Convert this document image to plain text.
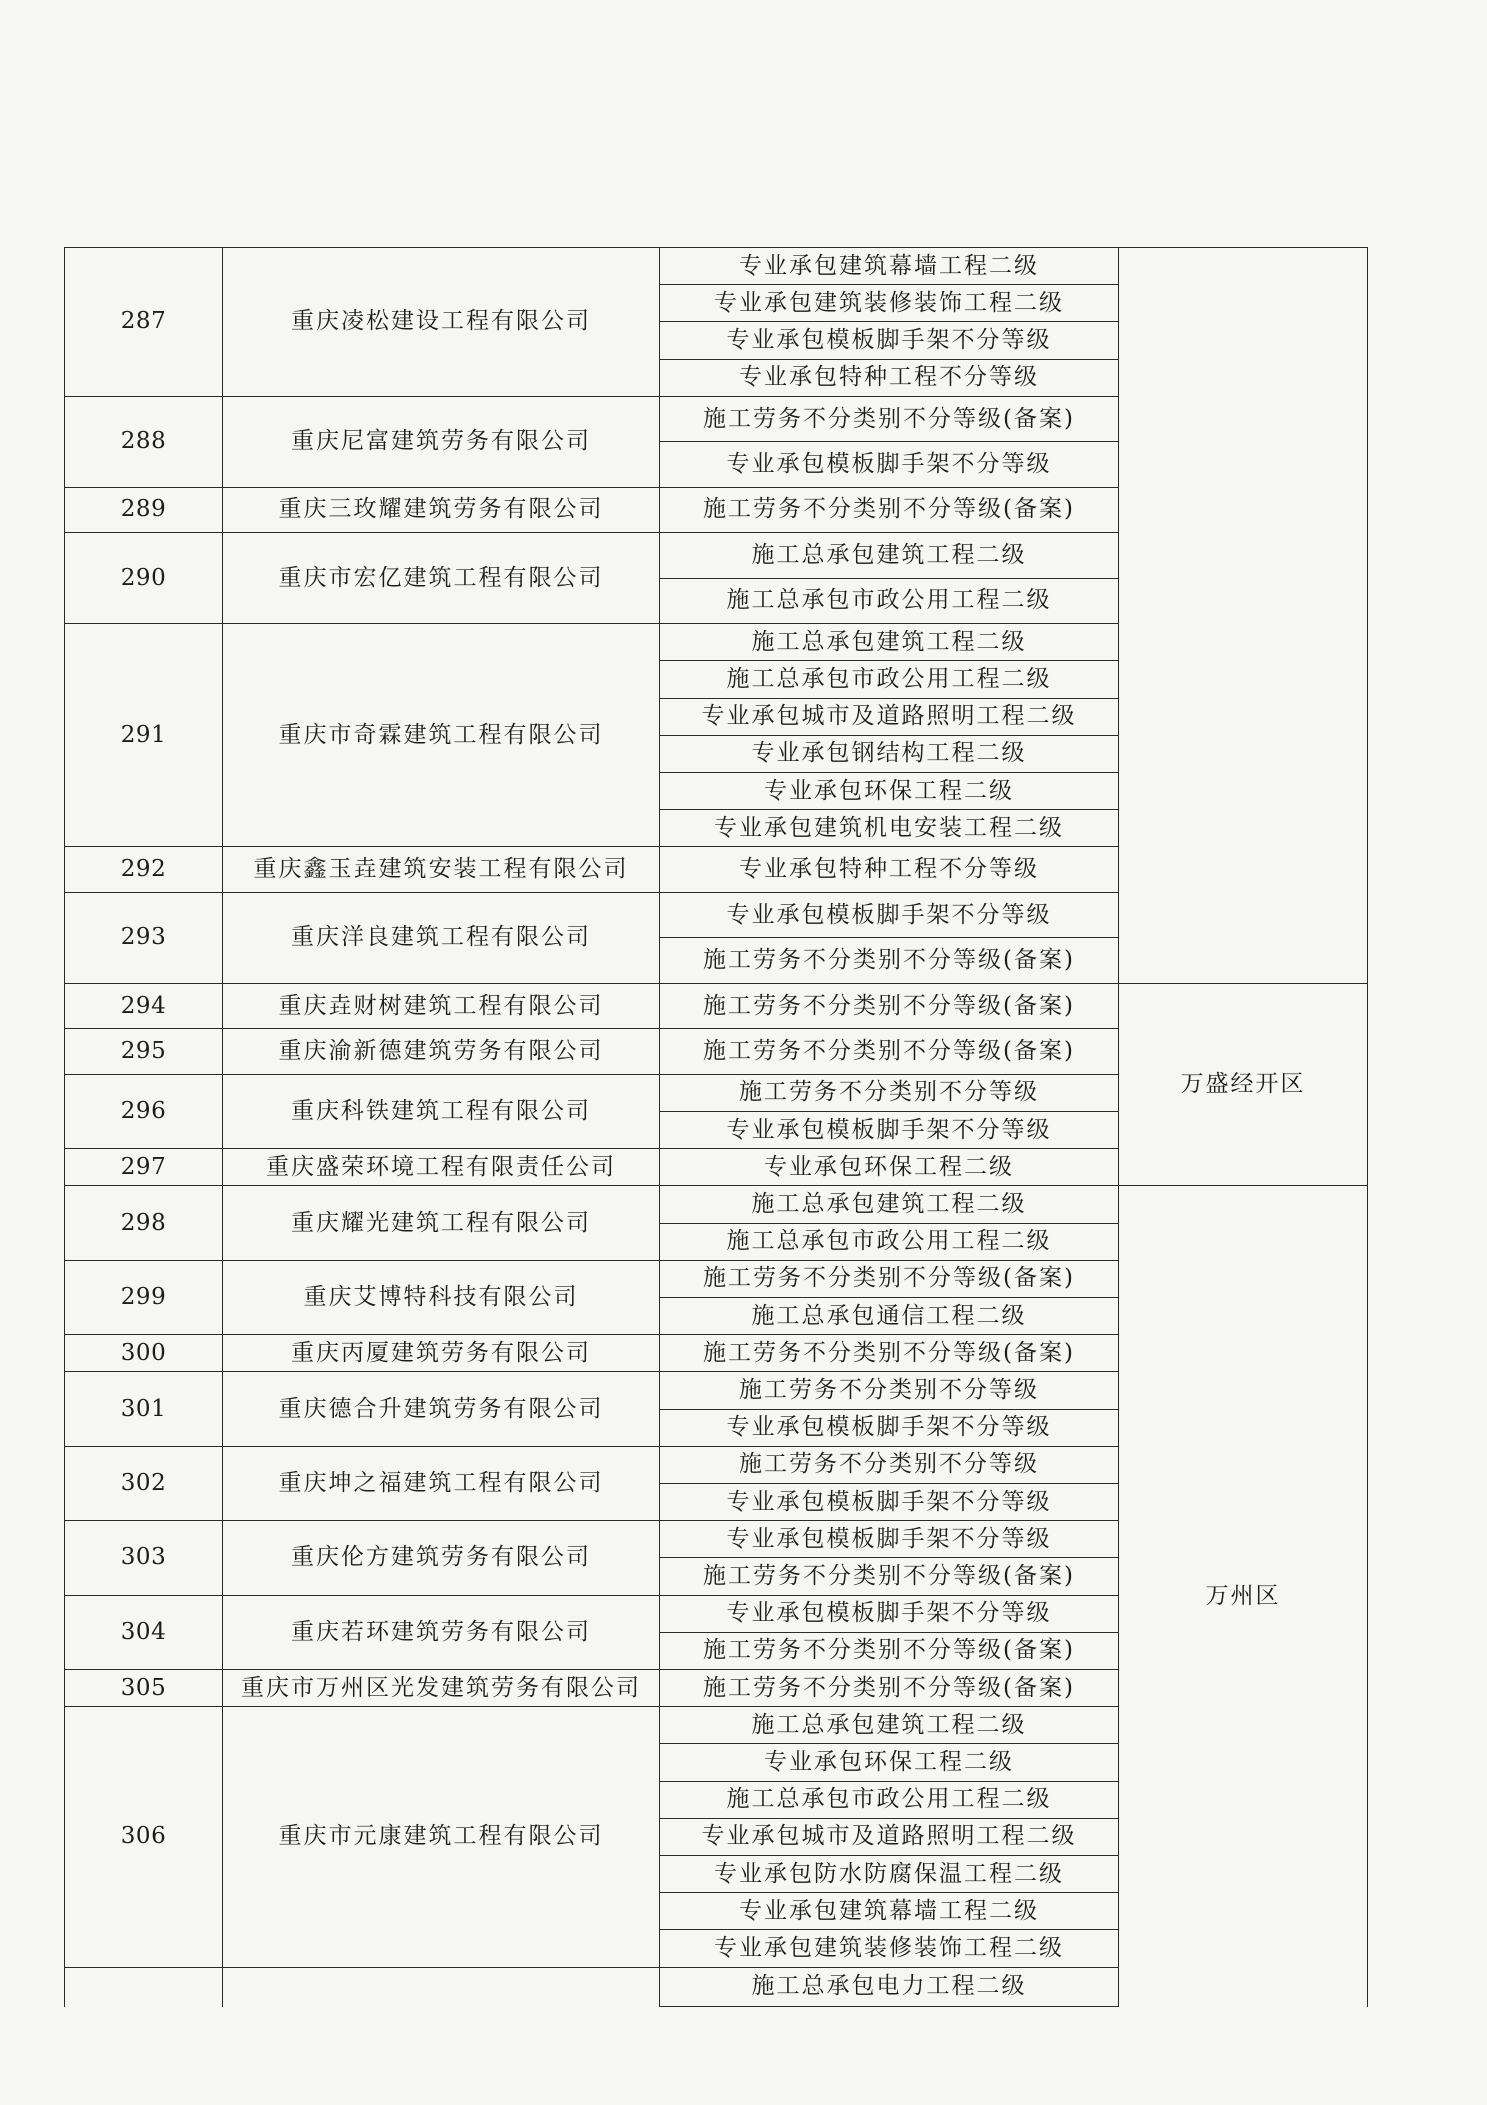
287	重庆凌松建设工程有限公司	专业承包建筑幕墙工程二级	
		专业承包建筑装修装饰工程二级	
		专业承包模板脚手架不分等级	
		专业承包特种工程不分等级	
288	重庆尼富建筑劳务有限公司	施工劳务不分类别不分等级(备案)	
		专业承包模板脚手架不分等级	
289	重庆三玫耀建筑劳务有限公司	施工劳务不分类别不分等级(备案)	
290	重庆市宏亿建筑工程有限公司	施工总承包建筑工程二级	
		施工总承包市政公用工程二级	
291	重庆市奇霖建筑工程有限公司	施工总承包建筑工程二级	
		施工总承包市政公用工程二级	
		专业承包城市及道路照明工程二级	
		专业承包钢结构工程二级	
		专业承包环保工程二级	
		专业承包建筑机电安装工程二级	
292	重庆鑫玉垚建筑安装工程有限公司	专业承包特种工程不分等级	
293	重庆洋良建筑工程有限公司	专业承包模板脚手架不分等级	
		施工劳务不分类别不分等级(备案)	
294	重庆垚财树建筑工程有限公司	施工劳务不分类别不分等级(备案)	万盛经开区
295	重庆渝新德建筑劳务有限公司	施工劳务不分类别不分等级(备案)	
296	重庆科铁建筑工程有限公司	施工劳务不分类别不分等级	
		专业承包模板脚手架不分等级	
297	重庆盛荣环境工程有限责任公司	专业承包环保工程二级	
298	重庆耀光建筑工程有限公司	施工总承包建筑工程二级	万州区
		施工总承包市政公用工程二级	
299	重庆艾博特科技有限公司	施工劳务不分类别不分等级(备案)	
		施工总承包通信工程二级	
300	重庆丙厦建筑劳务有限公司	施工劳务不分类别不分等级(备案)	
301	重庆德合升建筑劳务有限公司	施工劳务不分类别不分等级	
		专业承包模板脚手架不分等级	
302	重庆坤之福建筑工程有限公司	施工劳务不分类别不分等级	
		专业承包模板脚手架不分等级	
303	重庆伦方建筑劳务有限公司	专业承包模板脚手架不分等级	
		施工劳务不分类别不分等级(备案)	
304	重庆若环建筑劳务有限公司	专业承包模板脚手架不分等级	
		施工劳务不分类别不分等级(备案)	
305	重庆市万州区光发建筑劳务有限公司	施工劳务不分类别不分等级(备案)	
306	重庆市元康建筑工程有限公司	施工总承包建筑工程二级	
		专业承包环保工程二级	
		施工总承包市政公用工程二级	
		专业承包城市及道路照明工程二级	
		专业承包防水防腐保温工程二级	
		专业承包建筑幕墙工程二级	
		专业承包建筑装修装饰工程二级	
		施工总承包电力工程二级	
